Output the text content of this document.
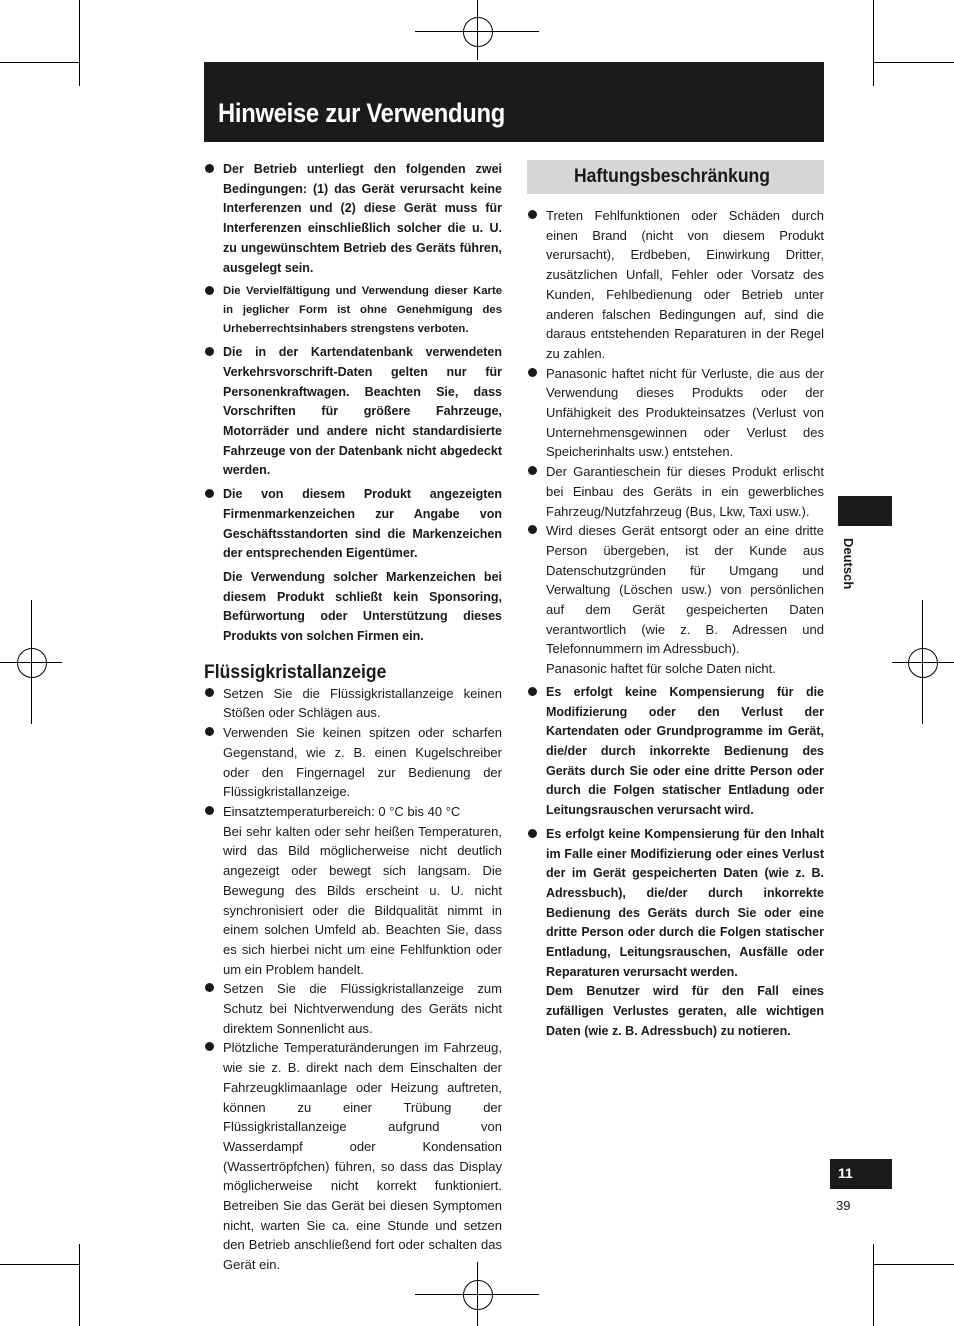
Hinweise zur Verwendung

Der Betrieb unterliegt den folgenden zwei Bedingungen: (1) das Gerät verursacht keine Interferenzen und (2) diese Gerät muss für Interferenzen einschließlich solcher die u. U. zu ungewünschtem Betrieb des Geräts führen, ausgelegt sein.

Die Vervielfältigung und Verwendung dieser Karte in jeglicher Form ist ohne Genehmigung des Urheberrechtsinhabers strengstens verboten.

Die in der Kartendatenbank verwendeten Verkehrsvorschrift-Daten gelten nur für Personenkraftwagen. Beachten Sie, dass Vorschriften für größere Fahrzeuge, Motorräder und andere nicht standardisierte Fahrzeuge von der Datenbank nicht abgedeckt werden.

Die von diesem Produkt angezeigten Firmenmarkenzeichen zur Angabe von Geschäftsstandorten sind die Markenzeichen der entsprechenden Eigentümer.

Die Verwendung solcher Markenzeichen bei diesem Produkt schließt kein Sponsoring, Befürwortung oder Unterstützung dieses Produkts von solchen Firmen ein.

Flüssigkristallanzeige

Setzen Sie die Flüssigkristallanzeige keinen Stößen oder Schlägen aus.

Verwenden Sie keinen spitzen oder scharfen Gegenstand, wie z. B. einen Kugelschreiber oder den Fingernagel zur Bedienung der Flüssigkristallanzeige.

Einsatztemperaturbereich: 0 °C bis 40 °C

Bei sehr kalten oder sehr heißen Temperaturen, wird das Bild möglicherweise nicht deutlich angezeigt oder bewegt sich langsam. Die Bewegung des Bilds erscheint u. U. nicht synchronisiert oder die Bildqualität nimmt in einem solchen Umfeld ab. Beachten Sie, dass es sich hierbei nicht um eine Fehlfunktion oder um ein Problem handelt.

Setzen Sie die Flüssigkristallanzeige zum Schutz bei Nichtverwendung des Geräts nicht direktem Sonnenlicht aus.

Plötzliche Temperaturänderungen im Fahrzeug, wie sie z. B. direkt nach dem Einschalten der Fahrzeugklimaanlage oder Heizung auftreten, können zu einer Trübung der Flüssigkristallanzeige aufgrund von Wasserdampf oder Kondensation (Wassertröpfchen) führen, so dass das Display möglicherweise nicht korrekt funktioniert. Betreiben Sie das Gerät bei diesen Symptomen nicht, warten Sie ca. eine Stunde und setzen den Betrieb anschließend fort oder schalten das Gerät ein.

Haftungsbeschränkung

Treten Fehlfunktionen oder Schäden durch einen Brand (nicht von diesem Produkt verursacht), Erdbeben, Einwirkung Dritter, zusätzlichen Unfall, Fehler oder Vorsatz des Kunden, Fehlbedienung oder Betrieb unter anderen falschen Bedingungen auf, sind die daraus entstehenden Reparaturen in der Regel zu zahlen.

Panasonic haftet nicht für Verluste, die aus der Verwendung dieses Produkts oder der Unfähigkeit des Produkteinsatzes (Verlust von Unternehmensgewinnen oder Verlust des Speicherinhalts usw.) entstehen.

Der Garantieschein für dieses Produkt erlischt bei Einbau des Geräts in ein gewerbliches Fahrzeug/Nutzfahrzeug (Bus, Lkw, Taxi usw.).

Wird dieses Gerät entsorgt oder an eine dritte Person übergeben, ist der Kunde aus Datenschutzgründen für Umgang und Verwaltung (Löschen usw.) von persönlichen auf dem Gerät gespeicherten Daten verantwortlich (wie z. B. Adressen und Telefonnummern im Adressbuch).

Panasonic haftet für solche Daten nicht.

Es erfolgt keine Kompensierung für die Modifizierung oder den Verlust der Kartendaten oder Grundprogramme im Gerät, die/der durch inkorrekte Bedienung des Geräts durch Sie oder eine dritte Person oder durch die Folgen statischer Entladung oder Leitungsrauschen verursacht wird.

Es erfolgt keine Kompensierung für den Inhalt im Falle einer Modifizierung oder eines Verlust der im Gerät gespeicherten Daten (wie z. B. Adressbuch), die/der durch inkorrekte Bedienung des Geräts durch Sie oder eine dritte Person oder durch die Folgen statischer Entladung, Leitungsrauschen, Ausfälle oder Reparaturen verursacht werden.

Dem Benutzer wird für den Fall eines zufälligen Verlustes geraten, alle wichtigen Daten (wie z. B. Adressbuch) zu notieren.

Deutsch
11
39
